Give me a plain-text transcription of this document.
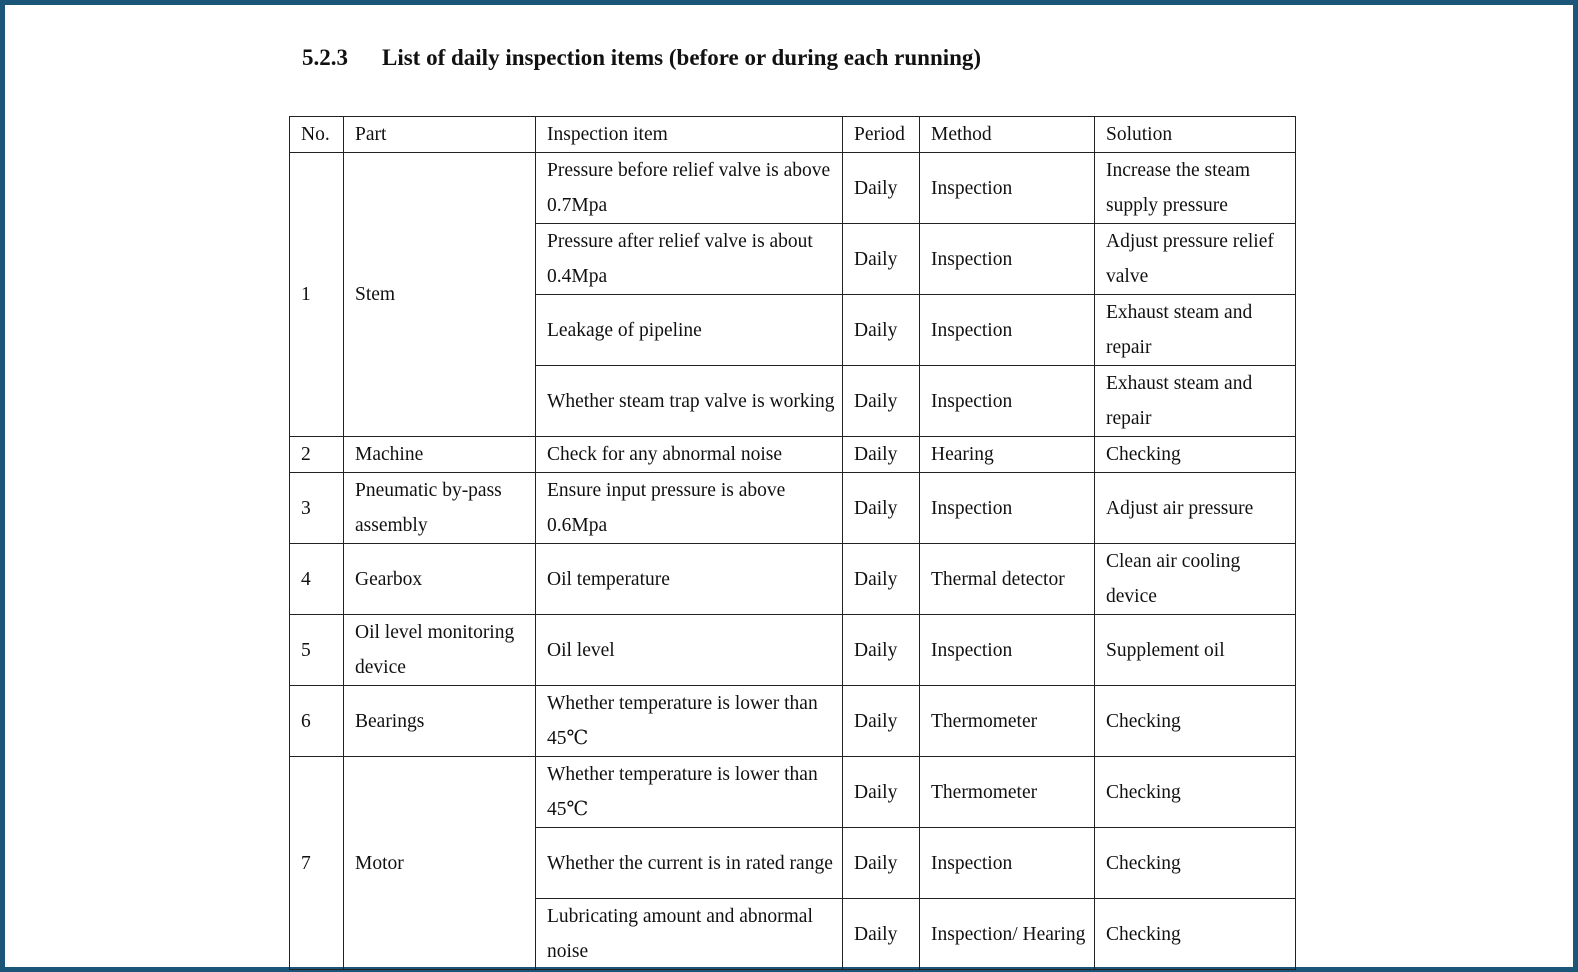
5.2.3 List of daily inspection items (before or during each running)
No.	Part	Inspection item	Period	Method	Solution
1	Stem	Pressure before relief valve is above 0.7Mpa	Daily	Inspection	Increase the steam supply pressure
		Pressure after relief valve is about 0.4Mpa	Daily	Inspection	Adjust pressure relief valve
		Leakage of pipeline	Daily	Inspection	Exhaust steam and repair
		Whether steam trap valve is working	Daily	Inspection	Exhaust steam and repair
2	Machine	Check for any abnormal noise	Daily	Hearing	Checking
3	Pneumatic by-pass assembly	Ensure input pressure is above 0.6Mpa	Daily	Inspection	Adjust air pressure
4	Gearbox	Oil temperature	Daily	Thermal detector	Clean air cooling device
5	Oil level monitoring device	Oil level	Daily	Inspection	Supplement oil
6	Bearings	Whether temperature is lower than 45℃	Daily	Thermometer	Checking
7	Motor	Whether temperature is lower than 45℃	Daily	Thermometer	Checking
		Whether the current is in rated range	Daily	Inspection	Checking
		Lubricating amount and abnormal noise	Daily	Inspection/ Hearing	Checking
